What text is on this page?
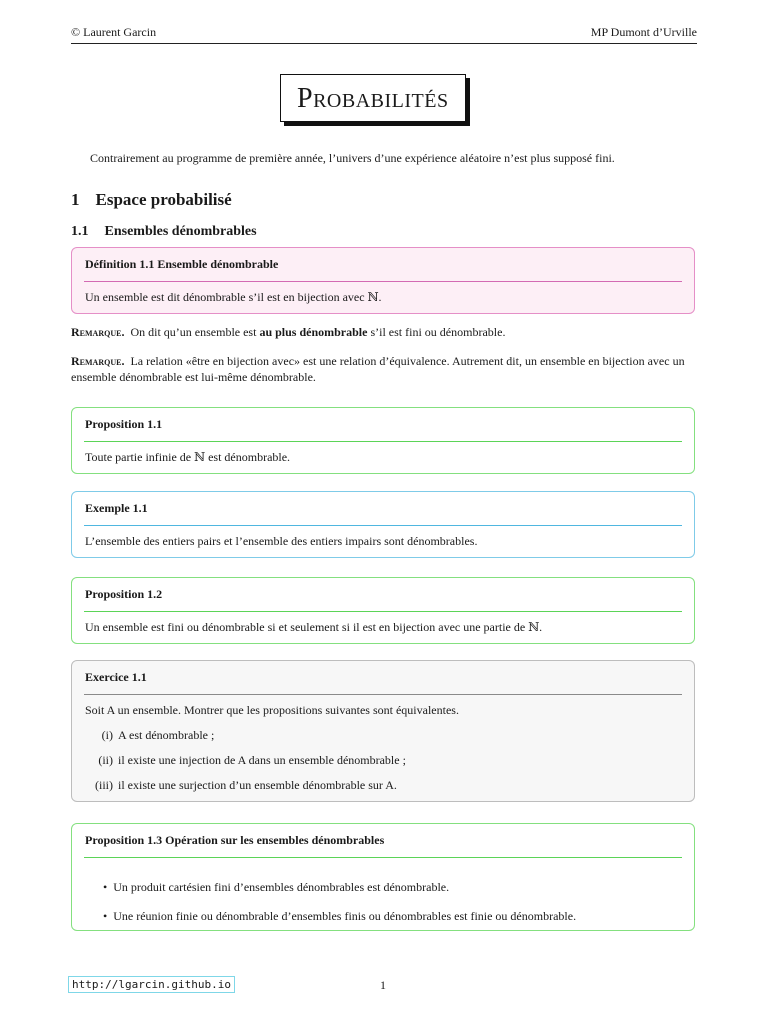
© Laurent Garcin	MP Dumont d’Urville
Probabilités
Contrairement au programme de première année, l’univers d’une expérience aléatoire n’est plus supposé fini.
1 Espace probabilisé
1.1 Ensembles dénombrables
Définition 1.1 Ensemble dénombrable
Un ensemble est dit dénombrable s’il est en bijection avec ℕ.
Remarque. On dit qu’un ensemble est au plus dénombrable s’il est fini ou dénombrable.
Remarque. La relation «être en bijection avec» est une relation d’équivalence. Autrement dit, un ensemble en bijection avec un ensemble dénombrable est lui-même dénombrable.
Proposition 1.1
Toute partie infinie de ℕ est dénombrable.
Exemple 1.1
L’ensemble des entiers pairs et l’ensemble des entiers impairs sont dénombrables.
Proposition 1.2
Un ensemble est fini ou dénombrable si et seulement si il est en bijection avec une partie de ℕ.
Exercice 1.1
Soit A un ensemble. Montrer que les propositions suivantes sont équivalentes.
(i) A est dénombrable ;
(ii) il existe une injection de A dans un ensemble dénombrable ;
(iii) il existe une surjection d’un ensemble dénombrable sur A.
Proposition 1.3 Opération sur les ensembles dénombrables
• Un produit cartésien fini d’ensembles dénombrables est dénombrable.
• Une réunion finie ou dénombrable d’ensembles finis ou dénombrables est finie ou dénombrable.
http://lgarcin.github.io	1
